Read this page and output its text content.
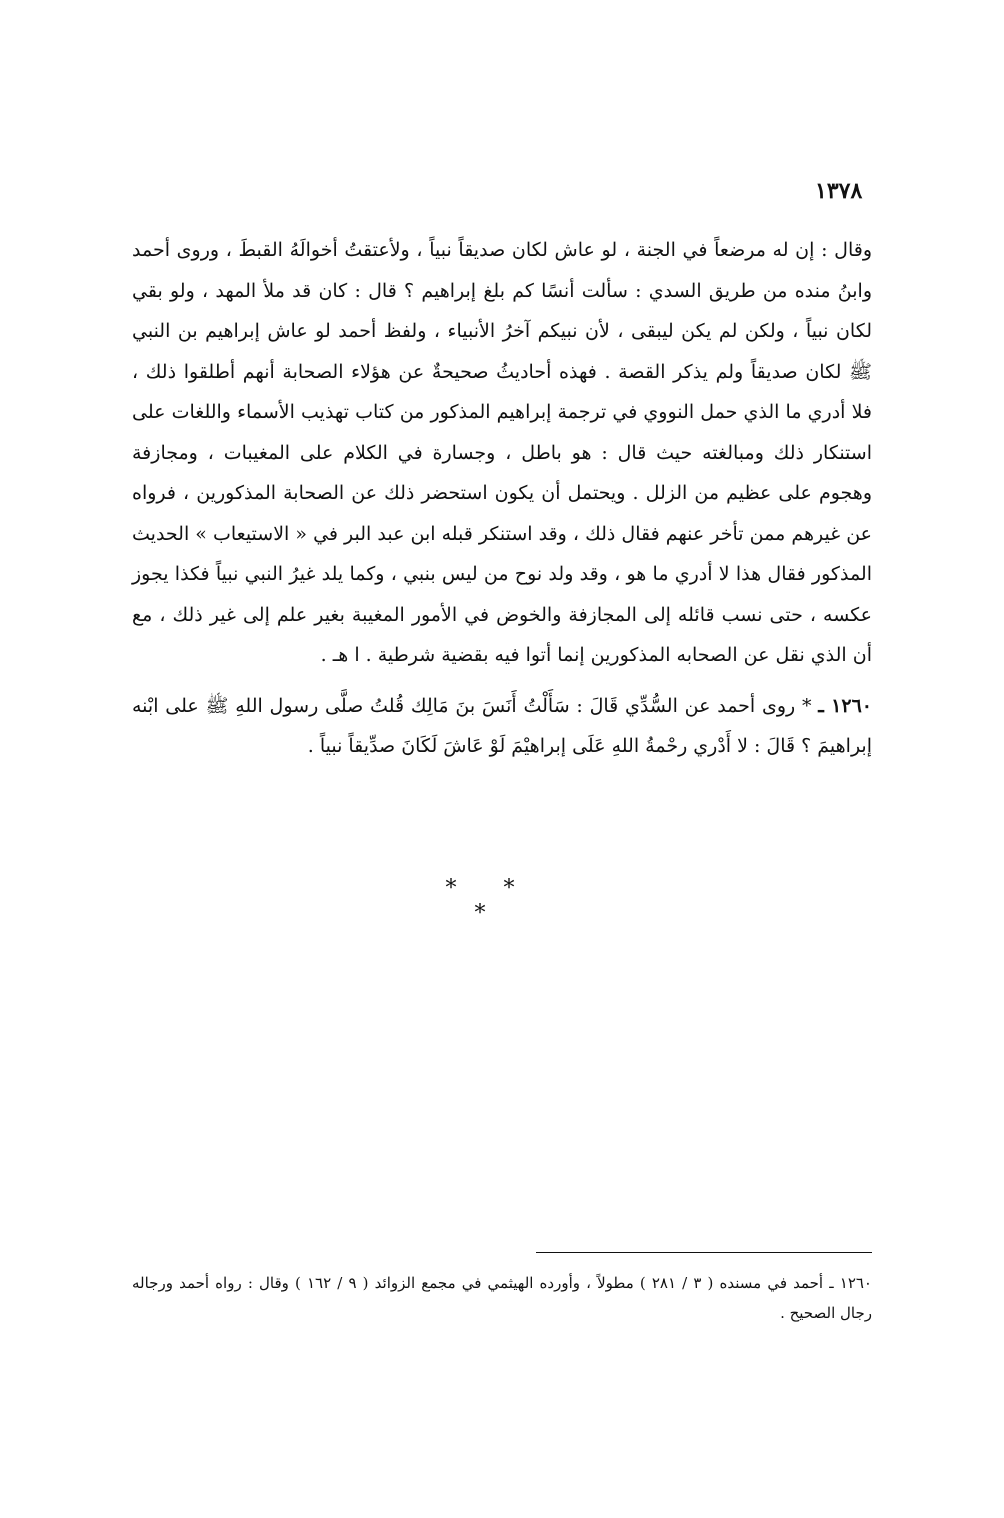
١٣٧٨

وقال : إن له مرضعاً في الجنة ، لو عاش لكان صديقاً نبياً ، ولأعتقتُ أخوالَهُ القبطَ ، وروى أحمد وابنُ منده من طريق السدي : سألت أنسًا كم بلغ إبراهيم ؟ قال : كان قد ملأ المهد ، ولو بقي لكان نبياً ، ولكن لم يكن ليبقى ، لأن نبيكم آخرُ الأنبياء ، ولفظ أحمد لو عاش إبراهيم بن النبي ﷺ لكان صديقاً ولم يذكر القصة . فهذه أحاديثُ صحيحةٌ عن هؤلاء الصحابة أنهم أطلقوا ذلك ، فلا أدري ما الذي حمل النووي في ترجمة إبراهيم المذكور من كتاب تهذيب الأسماء واللغات على استنكار ذلك ومبالغته حيث قال : هو باطل ، وجسارة في الكلام على المغيبات ، ومجازفة وهجوم على عظيم من الزلل . ويحتمل أن يكون استحضر ذلك عن الصحابة المذكورين ، فرواه عن غيرهم ممن تأخر عنهم فقال ذلك ، وقد استنكر قبله ابن عبد البر في « الاستيعاب » الحديث المذكور فقال هذا لا أدري ما هو ، وقد ولد نوح من ليس بنبي ، وكما يلد غيرُ النبي نبياً فكذا يجوز عكسه ، حتى نسب قائله إلى المجازفة والخوض في الأمور المغيبة بغير علم إلى غير ذلك ، مع أن الذي نقل عن الصحابه المذكورين إنما أتوا فيه بقضية شرطية . ا هـ .

١٢٦٠ ـ * روى أحمد عن السُّدِّي قَالَ : سَأَلْتُ أَنَسَ بنَ مَالِك قُلتُ صلَّى رسول اللهِ ﷺ على ابْنه إبراهيمَ ؟ قَالَ : لا أَدْري رحْمةُ اللهِ عَلَى إبراهيْمَ لَوْ عَاشَ لَكَانَ صدِّيقاً نبياً .

* * *

١٢٦٠ ـ أحمد في مسنده ( ٣ / ٢٨١ ) مطولاً ، وأورده الهيثمي في مجمع الزوائد ( ٩ / ١٦٢ ) وقال : رواه أحمد ورجاله رجال الصحيح .
